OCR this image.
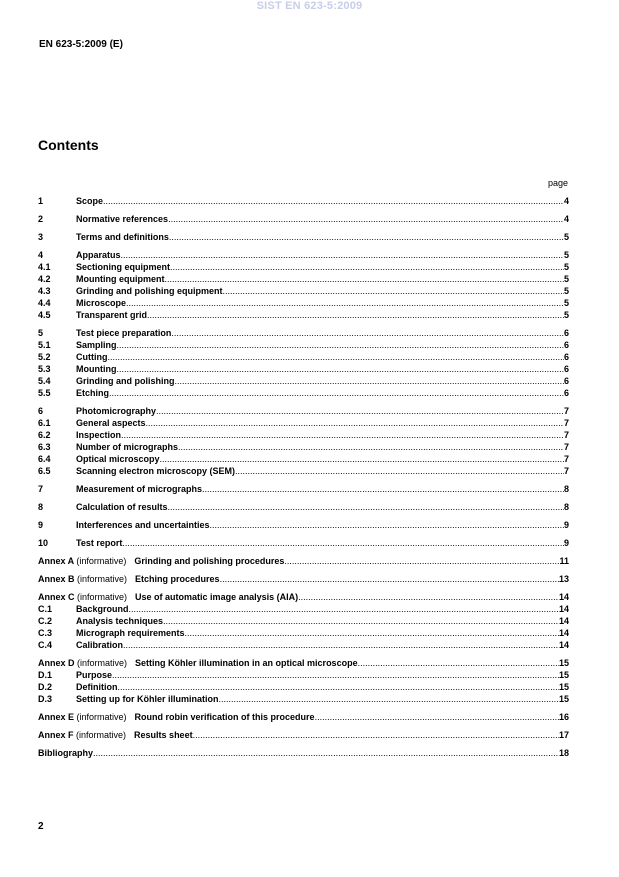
SIST EN 623-5:2009
EN 623-5:2009 (E)
Contents
page
1	Scope .....	4
2	Normative references .....	4
3	Terms and definitions .....	5
4	Apparatus .....	5
4.1	Sectioning equipment .....	5
4.2	Mounting equipment .....	5
4.3	Grinding and polishing equipment .....	5
4.4	Microscope .....	5
4.5	Transparent grid .....	5
5	Test piece preparation .....	6
5.1	Sampling .....	6
5.2	Cutting .....	6
5.3	Mounting .....	6
5.4	Grinding and polishing .....	6
5.5	Etching .....	6
6	Photomicrography .....	7
6.1	General aspects .....	7
6.2	Inspection .....	7
6.3	Number of micrographs .....	7
6.4	Optical microscopy .....	7
6.5	Scanning electron microscopy (SEM) .....	7
7	Measurement of micrographs .....	8
8	Calculation of results .....	8
9	Interferences and uncertainties .....	9
10	Test report .....	9
Annex A (informative) Grinding and polishing procedures .....	11
Annex B (informative) Etching procedures .....	13
Annex C (informative) Use of automatic image analysis (AIA) .....	14
C.1	Background .....	14
C.2	Analysis techniques .....	14
C.3	Micrograph requirements .....	14
C.4	Calibration .....	14
Annex D (informative) Setting Köhler illumination in an optical microscope .....	15
D.1	Purpose .....	15
D.2	Definition .....	15
D.3	Setting up for Köhler illumination .....	15
Annex E (informative) Round robin verification of this procedure .....	16
Annex F (informative) Results sheet .....	17
Bibliography .....	18
2
